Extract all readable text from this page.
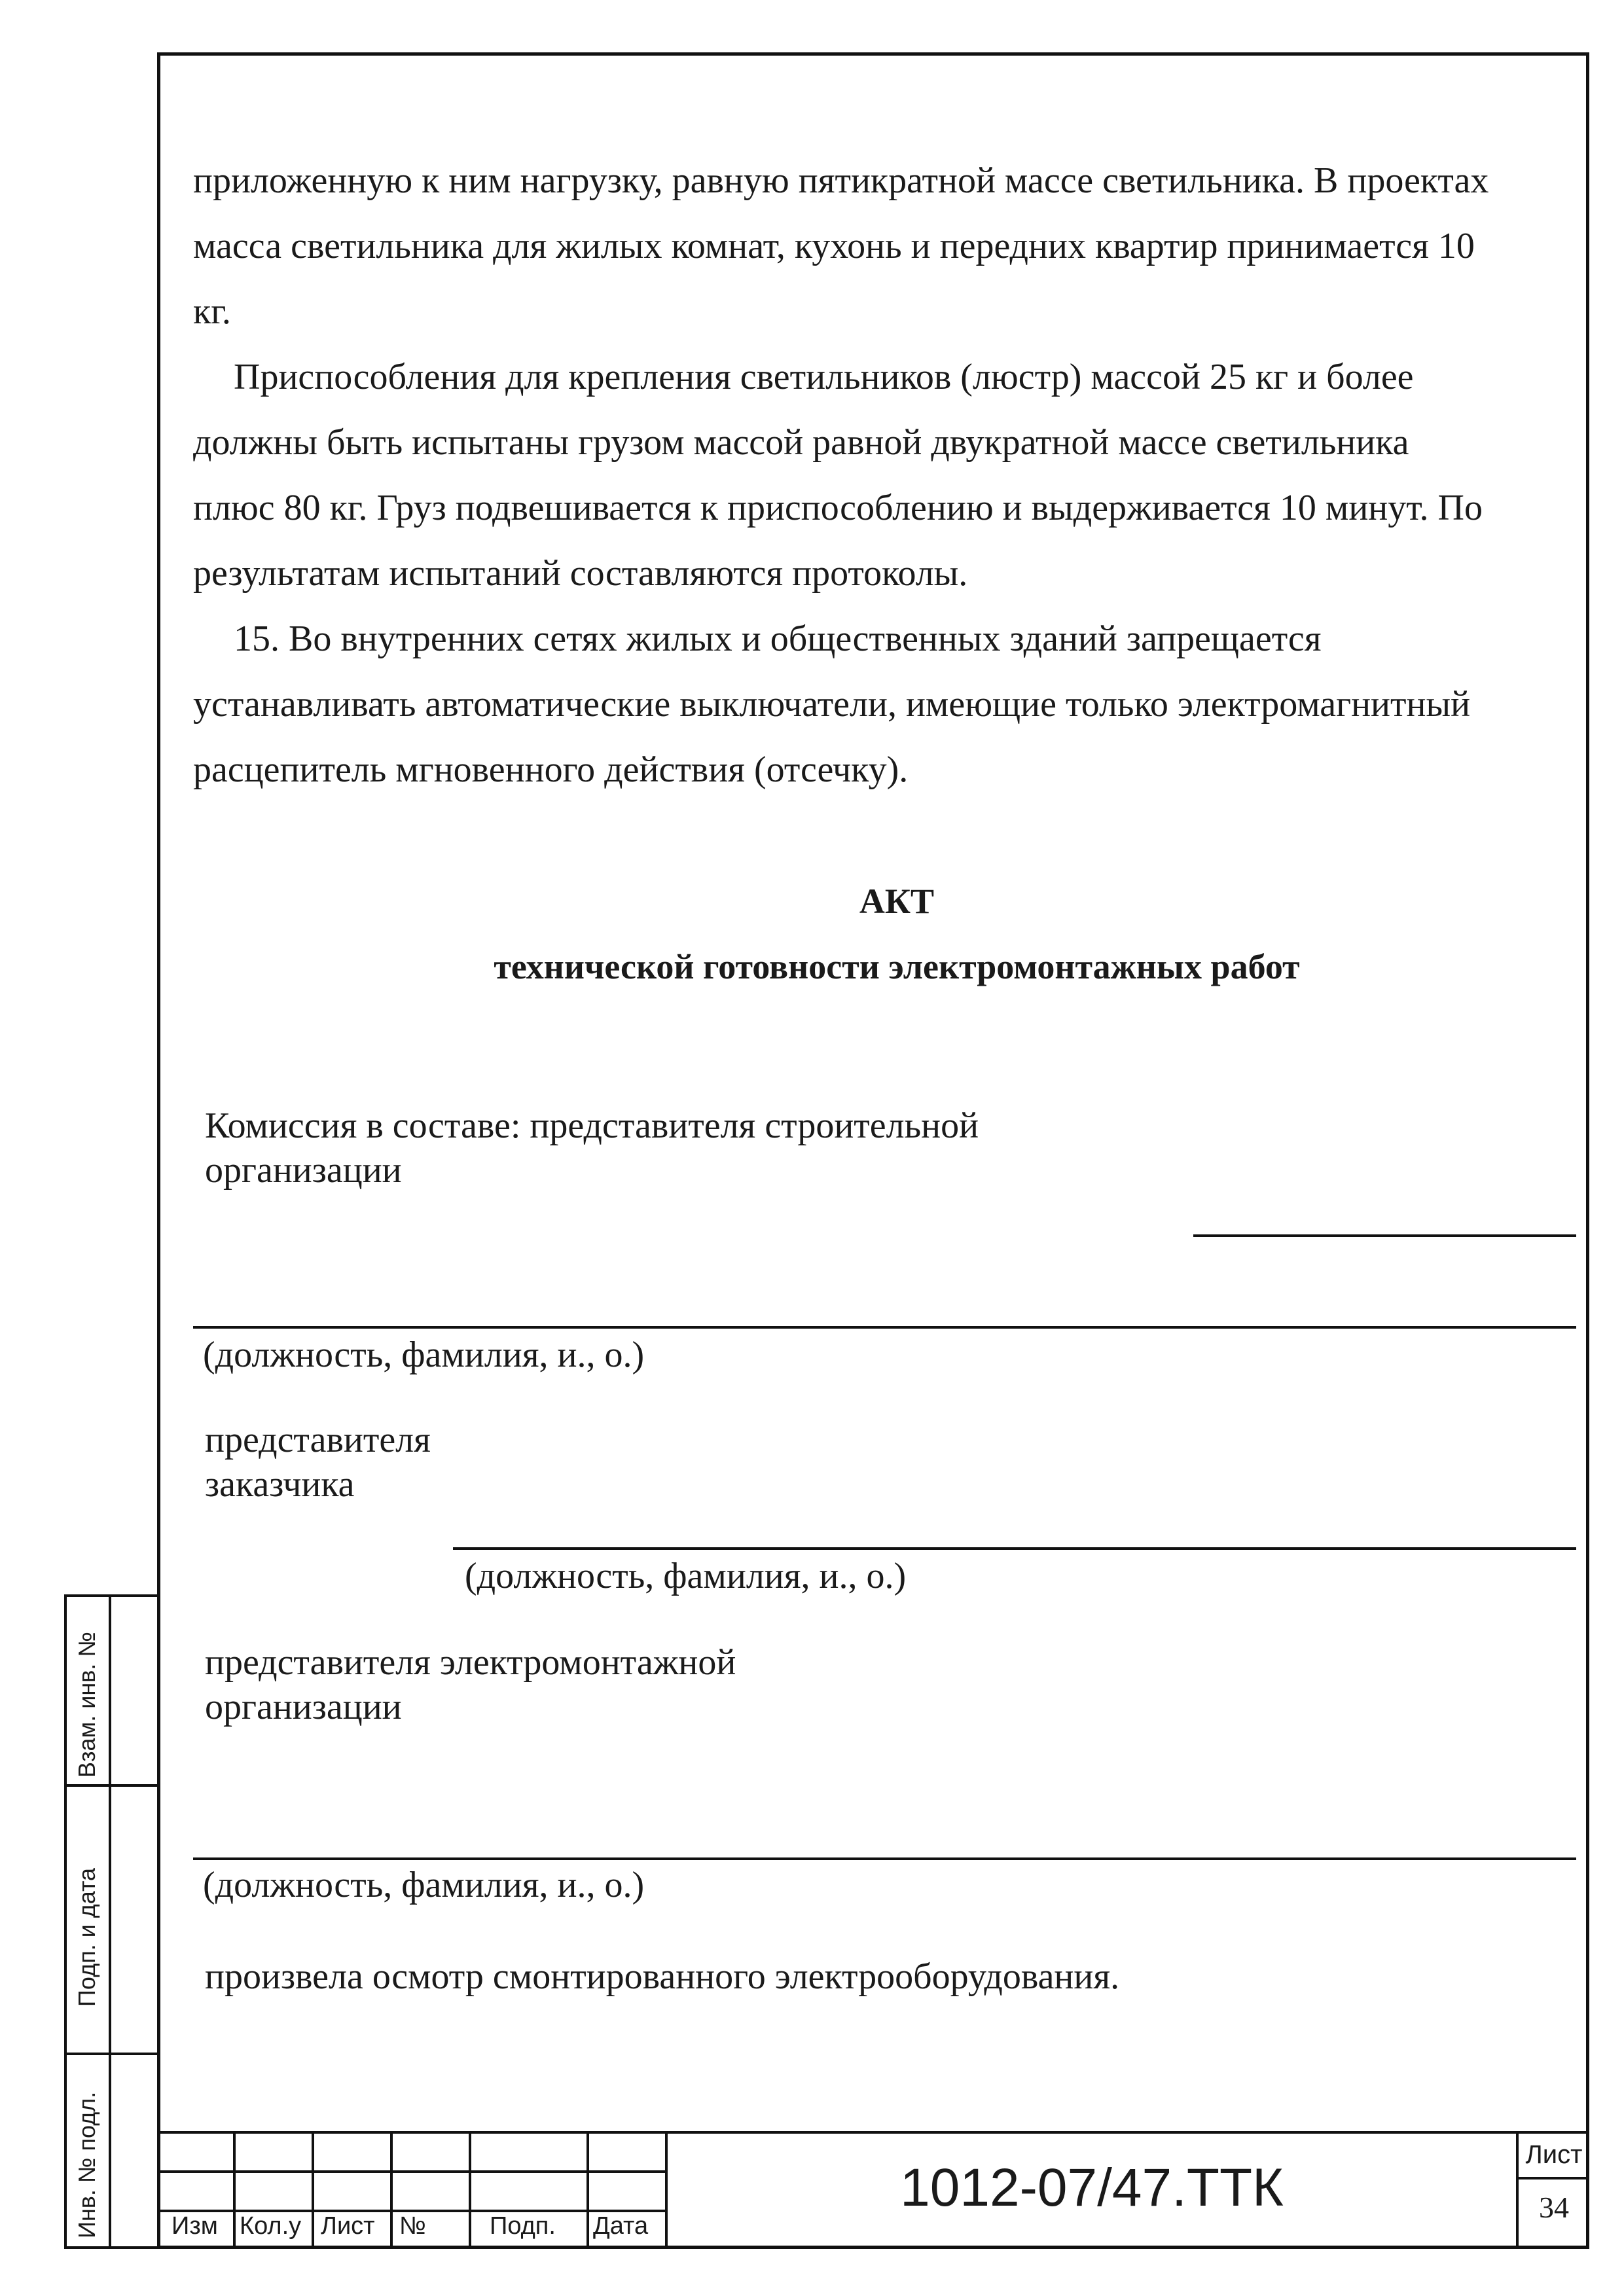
приложенную к ним нагрузку, равную пятикратной массе светильника. В проектах
масса светильника для жилых комнат, кухонь и передних квартир принимается 10
кг.
Приспособления для крепления светильников (люстр) массой 25 кг и более
должны быть испытаны грузом массой равной двукратной массе светильника
плюс 80 кг. Груз подвешивается к приспособлению и выдерживается 10 минут. По
результатам испытаний составляются протоколы.
15. Во внутренних сетях жилых и общественных зданий запрещается
устанавливать автоматические выключатели, имеющие только электромагнитный
расцепитель мгновенного действия (отсечку).
АКТ
технической готовности электромонтажных работ
Комиссия в составе: представителя строительной
организации
(должность, фамилия, и., о.)
представителя
заказчика
(должность, фамилия, и., о.)
представителя электромонтажной
организации
(должность, фамилия, и., о.)
произвела осмотр смонтированного электрооборудования.
Взам. инв. №
Подп. и дата
Инв. № подл.	Изм Кол.у Лист №	Подп. Дата
1012-07/47.ТТК
Лист
34
